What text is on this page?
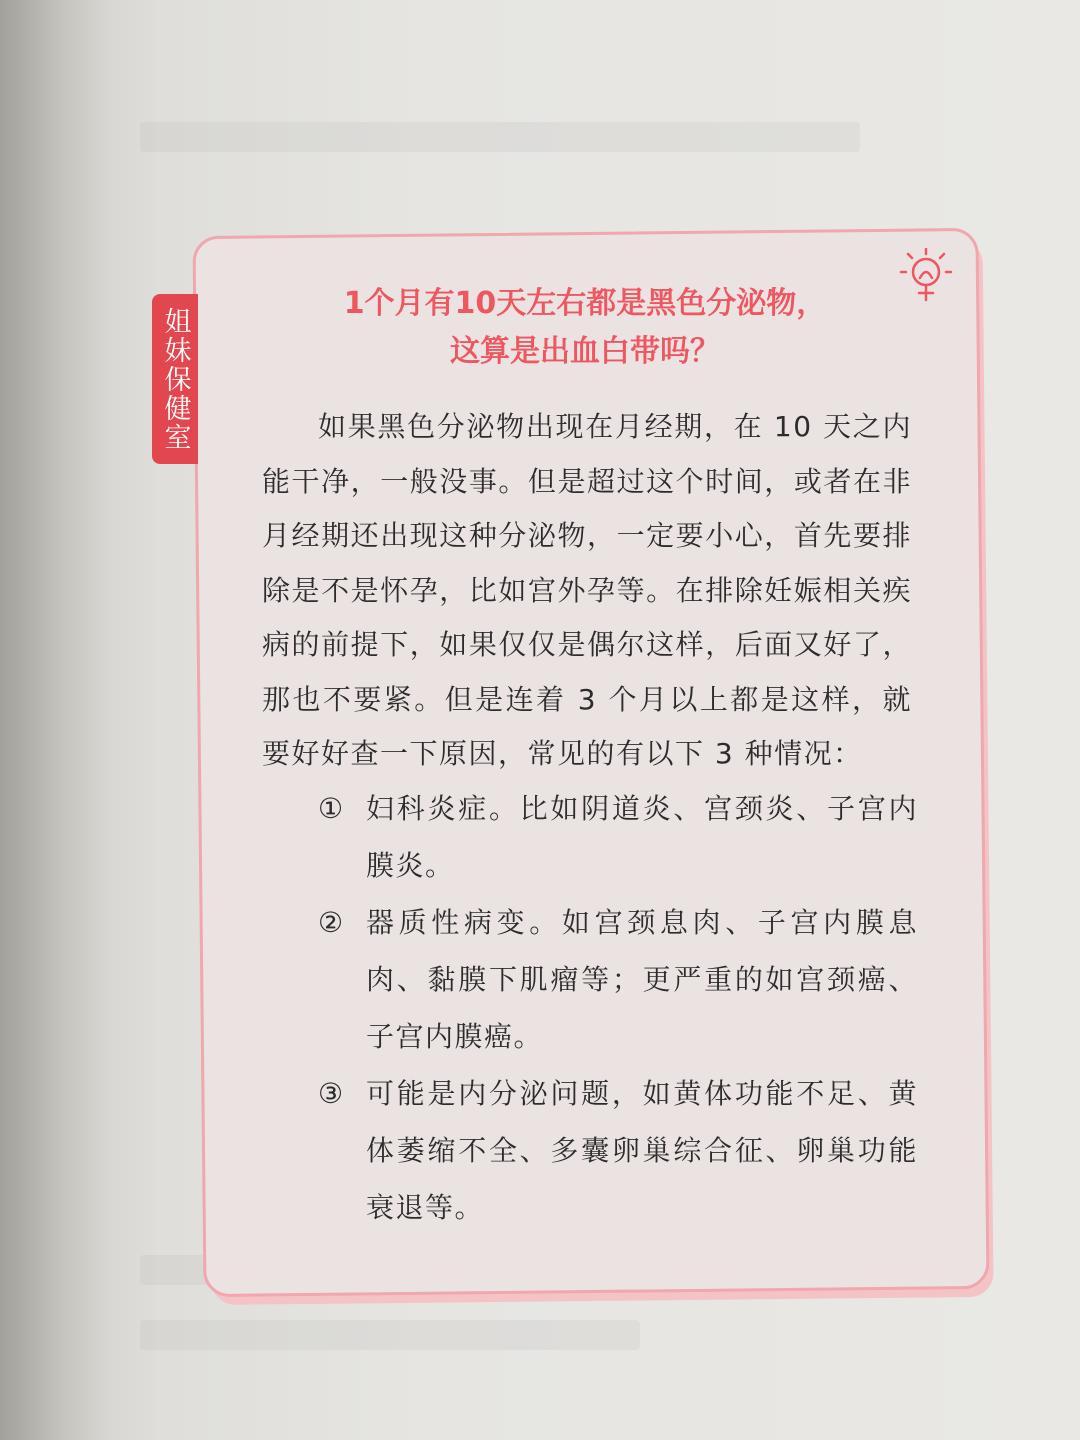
姐妹保健室
1个月有10天左右都是黑色分泌物，
这算是出血白带吗？

如果黑色分泌物出现在月经期，在 10 天之内能干净，一般没事。但是超过这个时间，或者在非月经期还出现这种分泌物，一定要小心，首先要排除是不是怀孕，比如宫外孕等。在排除妊娠相关疾病的前提下，如果仅仅是偶尔这样，后面又好了，那也不要紧。但是连着 3 个月以上都是这样，就要好好查一下原因，常见的有以下 3 种情况：

① 妇科炎症。比如阴道炎、宫颈炎、子宫内膜炎。
② 器质性病变。如宫颈息肉、子宫内膜息肉、黏膜下肌瘤等；更严重的如宫颈癌、子宫内膜癌。
③ 可能是内分泌问题，如黄体功能不足、黄体萎缩不全、多囊卵巢综合征、卵巢功能衰退等。
